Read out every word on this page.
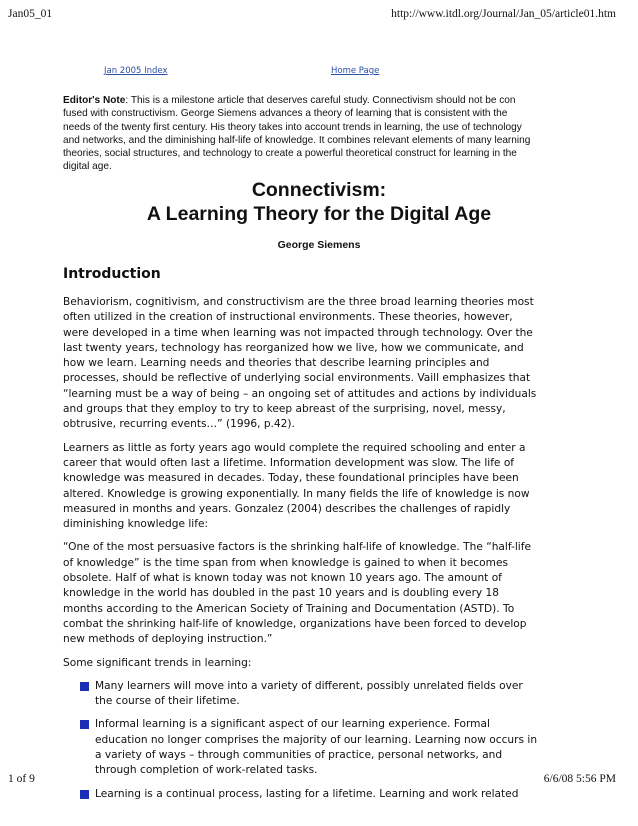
Jan05_01	http://www.itdl.org/Journal/Jan_05/article01.htm
Jan 2005 Index	Home Page
Editor's Note: This is a milestone article that deserves careful study. Connectivism should not be con fused with constructivism. George Siemens advances a theory of learning that is consistent with the needs of the twenty first century. His theory takes into account trends in learning, the use of technology and networks, and the diminishing half-life of knowledge. It combines relevant elements of many learning theories, social structures, and technology to create a powerful theoretical construct for learning in the digital age.
Connectivism:
A Learning Theory for the Digital Age
George Siemens
Introduction

Behaviorism, cognitivism, and constructivism are the three broad learning theories most often utilized in the creation of instructional environments. These theories, however, were developed in a time when learning was not impacted through technology. Over the last twenty years, technology has reorganized how we live, how we communicate, and how we learn. Learning needs and theories that describe learning principles and processes, should be reflective of underlying social environments. Vaill emphasizes that “learning must be a way of being – an ongoing set of attitudes and actions by individuals and groups that they employ to try to keep abreast of the surprising, novel, messy, obtrusive, recurring events…” (1996, p.42).

Learners as little as forty years ago would complete the required schooling and enter a career that would often last a lifetime. Information development was slow. The life of knowledge was measured in decades. Today, these foundational principles have been altered. Knowledge is growing exponentially. In many fields the life of knowledge is now measured in months and years. Gonzalez (2004) describes the challenges of rapidly diminishing knowledge life:

“One of the most persuasive factors is the shrinking half-life of knowledge. The “half-life of knowledge” is the time span from when knowledge is gained to when it becomes obsolete. Half of what is known today was not known 10 years ago. The amount of knowledge in the world has doubled in the past 10 years and is doubling every 18 months according to the American Society of Training and Documentation (ASTD). To combat the shrinking half-life of knowledge, organizations have been forced to develop new methods of deploying instruction.”

Some significant trends in learning:

Many learners will move into a variety of different, possibly unrelated fields over the course of their lifetime.
Informal learning is a significant aspect of our learning experience. Formal education no longer comprises the majority of our learning. Learning now occurs in a variety of ways – through communities of practice, personal networks, and through completion of work-related tasks.
Learning is a continual process, lasting for a lifetime. Learning and work related
1 of 9	6/6/08 5:56 PM
